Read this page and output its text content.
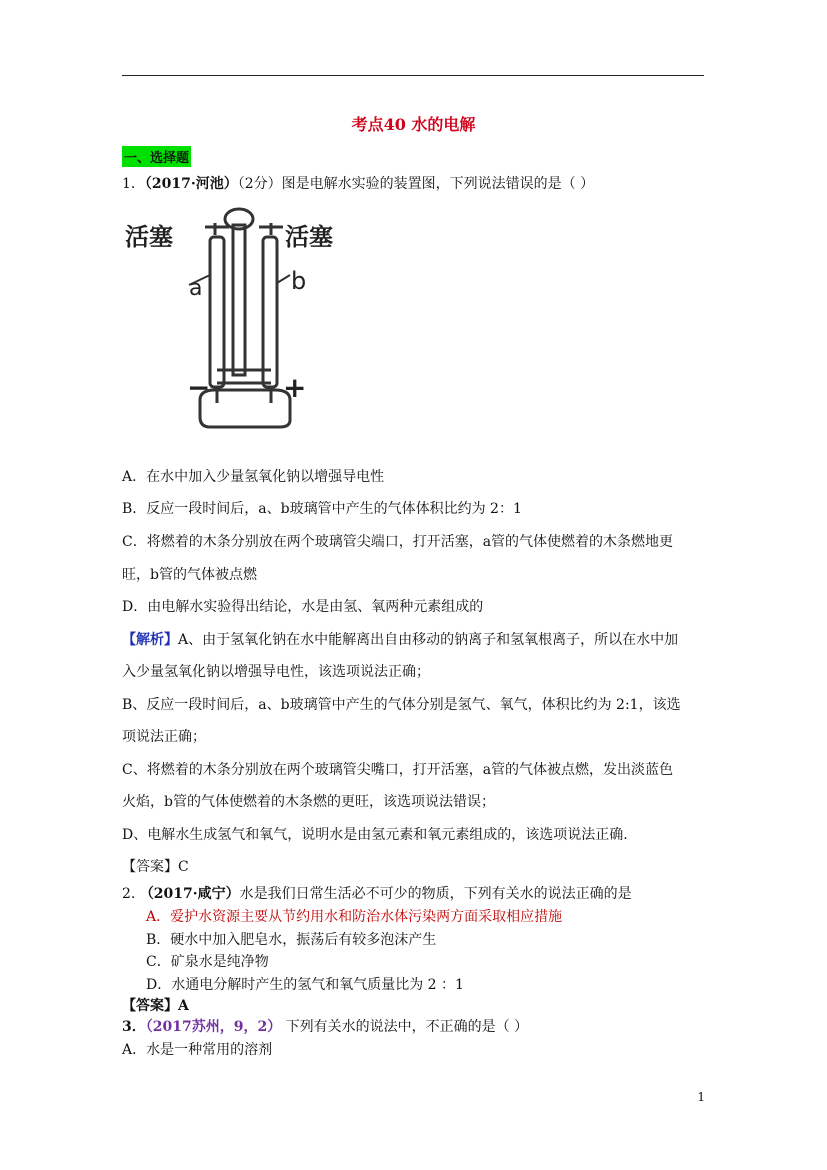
考点40 水的电解
一、选择题
1．（2017·河池）（2分）图是电解水实验的装置图，下列说法错误的是（ ）
活塞	活塞
a	b
−	+
A．在水中加入少量氢氧化钠以增强导电性
B．反应一段时间后，a、b玻璃管中产生的气体体积比约为 2：1
C．将燃着的木条分别放在两个玻璃管尖端口，打开活塞，a管的气体使燃着的木条燃地更
旺，b管的气体被点燃
D．由电解水实验得出结论，水是由氢、氧两种元素组成的
【解析】A、由于氢氧化钠在水中能解离出自由移动的钠离子和氢氧根离子，所以在水中加
入少量氢氧化钠以增强导电性，该选项说法正确；
B、反应一段时间后，a、b玻璃管中产生的气体分别是氢气、氧气，体积比约为 2:1，该选
项说法正确；
C、将燃着的木条分别放在两个玻璃管尖嘴口，打开活塞，a管的气体被点燃，发出淡蓝色
火焰，b管的气体使燃着的木条燃的更旺，该选项说法错误；
D、电解水生成氢气和氧气，说明水是由氢元素和氧元素组成的，该选项说法正确.
【答案】C
2. （2017·咸宁）水是我们日常生活必不可少的物质，下列有关水的说法正确的是
A．爱护水资源主要从节约用水和防治水体污染两方面采取相应措施
B．硬水中加入肥皂水，振荡后有较多泡沫产生
C．矿泉水是纯净物
D．水通电分解时产生的氢气和氧气质量比为 2 ：1
【答案】A
3．（2017苏州，9，2） 下列有关水的说法中，不正确的是（ ）
A．水是一种常用的溶剂
1
